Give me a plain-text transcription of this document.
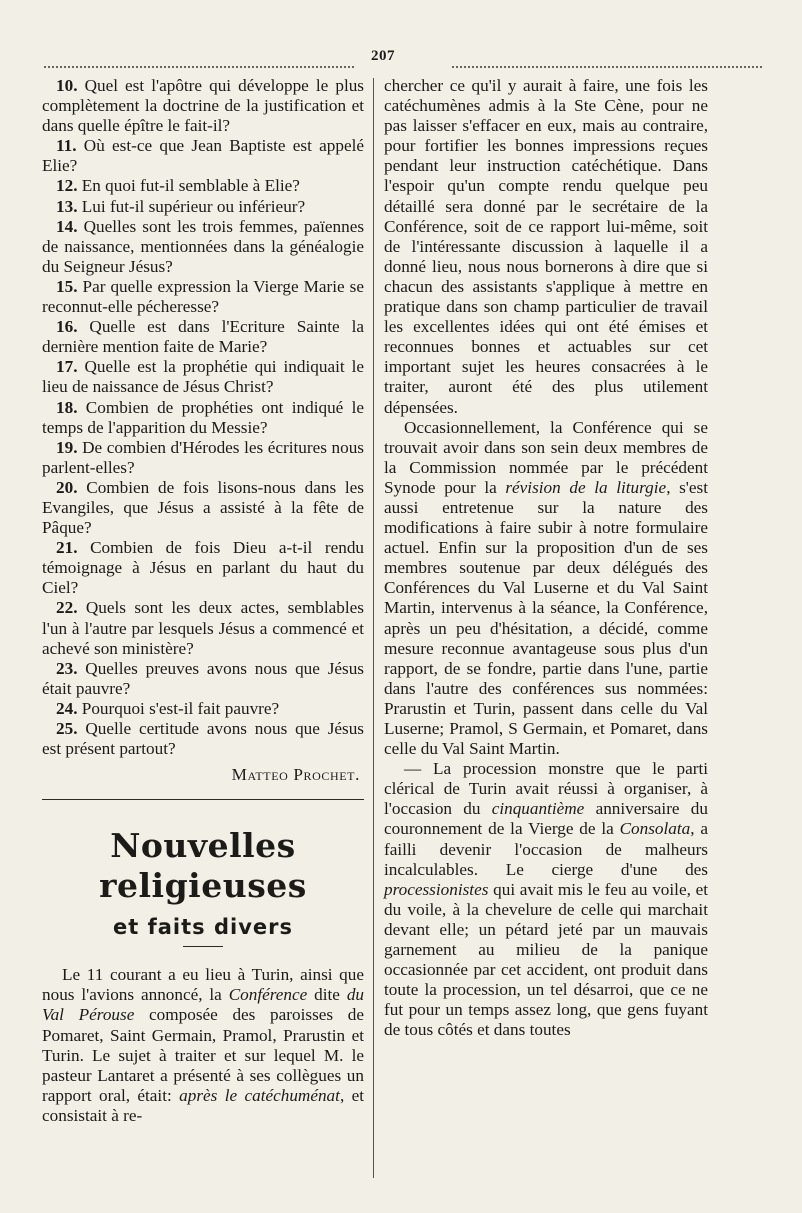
207

10. Quel est l'apôtre qui développe le plus complètement la doctrine de la justification et dans quelle épître le fait-il?

11. Où est-ce que Jean Baptiste est appelé Elie?

12. En quoi fut-il semblable à Elie?

13. Lui fut-il supérieur ou inférieur?

14. Quelles sont les trois femmes, païennes de naissance, mentionnées dans la généalogie du Seigneur Jésus?

15. Par quelle expression la Vierge Marie se reconnut-elle pécheresse?

16. Quelle est dans l'Ecriture Sainte la dernière mention faite de Marie?

17. Quelle est la prophétie qui indiquait le lieu de naissance de Jésus Christ?

18. Combien de prophéties ont indiqué le temps de l'apparition du Messie?

19. De combien d'Hérodes les écritures nous parlent-elles?

20. Combien de fois lisons-nous dans les Evangiles, que Jésus a assisté à la fête de Pâque?

21. Combien de fois Dieu a-t-il rendu témoignage à Jésus en parlant du haut du Ciel?

22. Quels sont les deux actes, semblables l'un à l'autre par lesquels Jésus a commencé et achevé son ministère?

23. Quelles preuves avons nous que Jésus était pauvre?

24. Pourquoi s'est-il fait pauvre?

25. Quelle certitude avons nous que Jésus est présent partout?

Matteo Prochet.

Nouvelles religieuses

et faits divers

Le 11 courant a eu lieu à Turin, ainsi que nous l'avions annoncé, la Conférence dite du Val Pérouse composée des paroisses de Pomaret, Saint Germain, Pramol, Prarustin et Turin. Le sujet à traiter et sur lequel M. le pasteur Lantaret a présenté à ses collègues un rapport oral, était: après le catéchuménat, et consistait à re-

chercher ce qu'il y aurait à faire, une fois les catéchumènes admis à la Ste Cène, pour ne pas laisser s'effacer en eux, mais au contraire, pour fortifier les bonnes impressions reçues pendant leur instruction catéchétique. Dans l'espoir qu'un compte rendu quelque peu détaillé sera donné par le secrétaire de la Conférence, soit de ce rapport lui-même, soit de l'intéressante discussion à laquelle il a donné lieu, nous nous bornerons à dire que si chacun des assistants s'applique à mettre en pratique dans son champ particulier de travail les excellentes idées qui ont été émises et reconnues bonnes et actuables sur cet important sujet les heures consacrées à le traiter, auront été des plus utilement dépensées.

Occasionnellement, la Conférence qui se trouvait avoir dans son sein deux membres de la Commission nommée par le précédent Synode pour la révision de la liturgie, s'est aussi entretenue sur la nature des modifications à faire subir à notre formulaire actuel. Enfin sur la proposition d'un de ses membres soutenue par deux délégués des Conférences du Val Luserne et du Val Saint Martin, intervenus à la séance, la Conférence, après un peu d'hésitation, a décidé, comme mesure reconnue avantageuse sous plus d'un rapport, de se fondre, partie dans l'une, partie dans l'autre des conférences sus nommées: Prarustin et Turin, passent dans celle du Val Luserne; Pramol, S Germain, et Pomaret, dans celle du Val Saint Martin.

— La procession monstre que le parti clérical de Turin avait réussi à organiser, à l'occasion du cinquantième anniversaire du couronnement de la Vierge de la Consolata, a failli devenir l'occasion de malheurs incalculables. Le cierge d'une des processionistes qui avait mis le feu au voile, et du voile, à la chevelure de celle qui marchait devant elle; un pétard jeté par un mauvais garnement au milieu de la panique occasionnée par cet accident, ont produit dans toute la procession, un tel désarroi, que ce ne fut pour un temps assez long, que gens fuyant de tous côtés et dans toutes
